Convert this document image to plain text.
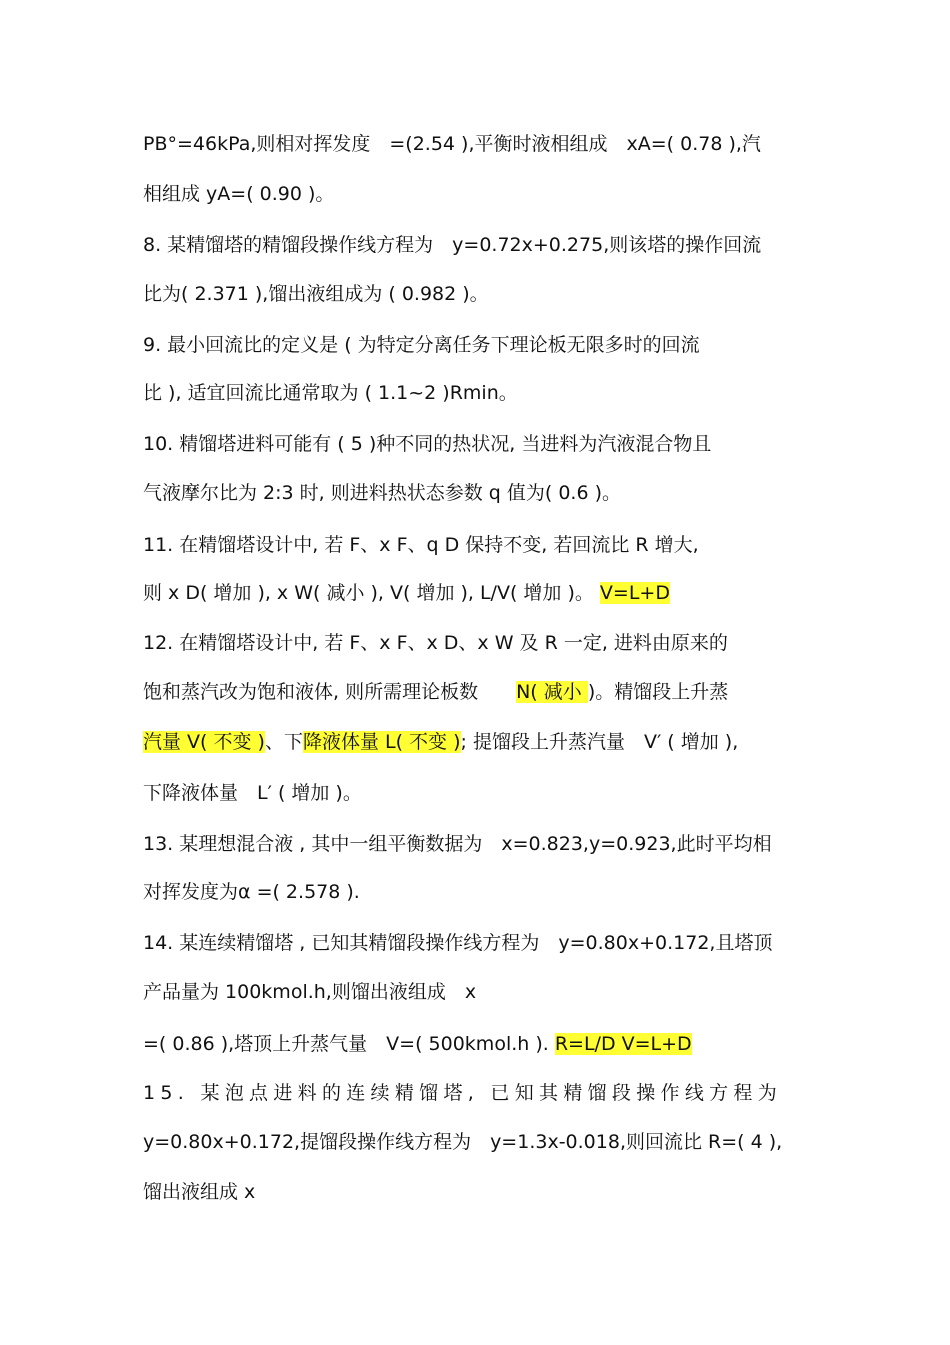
PB°=46kPa,则相对挥发度　=(2.54 ),平衡时液相组成　xA=( 0.78 ),汽
相组成 yA=( 0.90 )。
8. 某精馏塔的精馏段操作线方程为　y=0.72x+0.275,则该塔的操作回流
比为( 2.371 ),馏出液组成为 ( 0.982 )。
9. 最小回流比的定义是 ( 为特定分离任务下理论板无限多时的回流
比 ), 适宜回流比通常取为 ( 1.1~2 )Rmin。
10. 精馏塔进料可能有 ( 5 )种不同的热状况, 当进料为汽液混合物且
气液摩尔比为 2:3 时, 则进料热状态参数 q 值为( 0.6 )。
11. 在精馏塔设计中, 若 F、x F、q D 保持不变, 若回流比 R 增大,
则 x D( 增加 ), x W( 减小 ), V( 增加 ), L/V( 增加 )。 V=L+D
12. 在精馏塔设计中, 若 F、x F、x D、x W 及 R 一定, 进料由原来的
饱和蒸汽改为饱和液体, 则所需理论板数　　N( 减小 )。精馏段上升蒸
汽量 V( 不变 )、下降液体量 L( 不变 ); 提馏段上升蒸汽量　V′ ( 增加 ),
下降液体量　L′ ( 增加 )。
13. 某理想混合液 , 其中一组平衡数据为　x=0.823,y=0.923,此时平均相
对挥发度为α =( 2.578 ).
14. 某连续精馏塔 , 已知其精馏段操作线方程为　y=0.80x+0.172,且塔顶
产品量为 100kmol.h,则馏出液组成　x
=( 0.86 ),塔顶上升蒸气量　V=( 500kmol.h ). R=L/D V=L+D
15. 某泡点进料的连续精馏塔, 已知其精馏段操作线方程为
y=0.80x+0.172,提馏段操作线方程为　y=1.3x-0.018,则回流比 R=( 4 ),
馏出液组成 x
